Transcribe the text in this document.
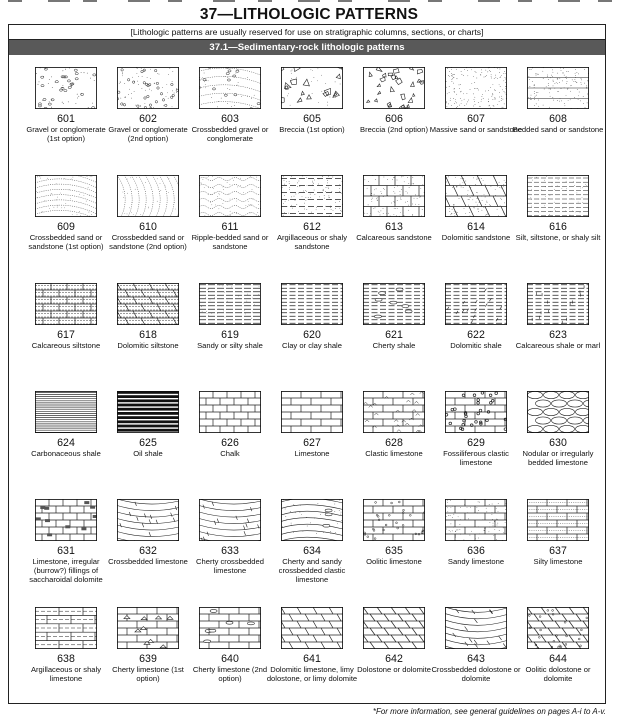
37—LITHOLOGIC PATTERNS
[Lithologic patterns are usually reserved for use on stratigraphic columns, sections, or charts]
37.1—Sedimentary-rock lithologic patterns
601
Gravel or conglomerate (1st option)
602
Gravel or conglomerate (2nd option)
603
Crossbedded gravel or conglomerate
605
Breccia (1st option)
606
Breccia (2nd option)
607
Massive sand or sandstone
608
Bedded sand or sandstone
609
Crossbedded sand or sandstone (1st option)
610
Crossbedded sand or sandstone (2nd option)
611
Ripple-bedded sand or sandstone
612
Argillaceous or shaly sandstone
613
Calcareous sandstone
614
Dolomitic sandstone
616
Silt, siltstone, or shaly silt
617
Calcareous siltstone
618
Dolomitic siltstone
619
Sandy or silty shale
620
Clay or clay shale
621
Cherty shale
622
Dolomitic shale
623
Calcareous shale or marl
624
Carbonaceous shale
625
Oil shale
626
Chalk
627
Limestone
628
Clastic limestone
629
Fossiliferous clastic limestone
630
Nodular or irregularly bedded limestone
631
Limestone, irregular (burrow?) fillings of saccharoidal dolomite
632
Crossbedded limestone
633
Cherty crossbedded limestone
634
Cherty and sandy crossbedded clastic limestone
635
Oolitic limestone
636
Sandy limestone
637
Silty limestone
638
Argillaceous or shaly limestone
639
Cherty limestone (1st option)
640
Cherty limestone (2nd option)
641
Dolomitic limestone, limy dolostone, or limy dolomite
642
Dolostone or dolomite
643
Crossbedded dolostone or dolomite
644
Oolitic dolostone or dolomite
*For more information, see general guidelines on pages A-i to A-v.
